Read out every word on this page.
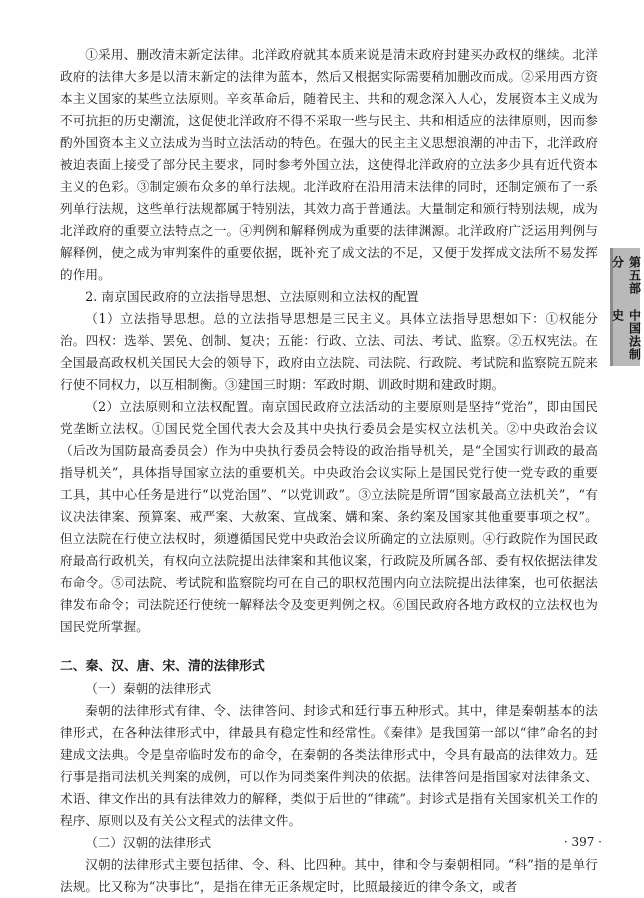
①采用、删改清末新定法律。北洋政府就其本质来说是清末政府封建买办政权的继续。北洋政府的法律大多是以清末新定的法律为蓝本，然后又根据实际需要稍加删改而成。②采用西方资本主义国家的某些立法原则。辛亥革命后，随着民主、共和的观念深入人心，发展资本主义成为不可抗拒的历史潮流，这促使北洋政府不得不采取一些与民主、共和相适应的法律原则，因而参酌外国资本主义立法成为当时立法活动的特色。在强大的民主主义思想浪潮的冲击下，北洋政府被迫表面上接受了部分民主要求，同时参考外国立法，这使得北洋政府的立法多少具有近代资本主义的色彩。③制定颁布众多的单行法规。北洋政府在沿用清末法律的同时，还制定颁布了一系列单行法规，这些单行法规都属于特别法，其效力高于普通法。大量制定和颁行特别法规，成为北洋政府的重要立法特点之一。④判例和解释例成为重要的法律渊源。北洋政府广泛运用判例与解释例，使之成为审判案件的重要依据，既补充了成文法的不足，又便于发挥成文法所不易发挥的作用。

2. 南京国民政府的立法指导思想、立法原则和立法权的配置

（1）立法指导思想。总的立法指导思想是三民主义。具体立法指导思想如下：①权能分治。四权：选举、罢免、创制、复决；五能：行政、立法、司法、考试、监察。②五权宪法。在全国最高政权机关国民大会的领导下，政府由立法院、司法院、行政院、考试院和监察院五院来行使不同权力，以互相制衡。③建国三时期：军政时期、训政时期和建政时期。

（2）立法原则和立法权配置。南京国民政府立法活动的主要原则是坚持“党治”，即由国民党垄断立法权。①国民党全国代表大会及其中央执行委员会是实权立法机关。②中央政治会议（后改为国防最高委员会）作为中央执行委员会特设的政治指导机关，是“全国实行训政的最高指导机关”，具体指导国家立法的重要机关。中央政治会议实际上是国民党行使一党专政的重要工具，其中心任务是进行“以党治国”、“以党训政”。③立法院是所谓“国家最高立法机关”，“有议决法律案、预算案、戒严案、大赦案、宣战案、媾和案、条约案及国家其他重要事项之权”。但立法院在行使立法权时，须遵循国民党中央政治会议所确定的立法原则。④行政院作为国民政府最高行政机关，有权向立法院提出法律案和其他议案，行政院及所属各部、委有权依据法律发布命令。⑤司法院、考试院和监察院均可在自己的职权范围内向立法院提出法律案，也可依据法律发布命令；司法院还行使统一解释法令及变更判例之权。⑥国民政府各地方政权的立法权也为国民党所掌握。

二、秦、汉、唐、宋、清的法律形式

（一）秦朝的法律形式

秦朝的法律形式有律、令、法律答问、封诊式和廷行事五种形式。其中，律是秦朝基本的法律形式，在各种法律形式中，律最具有稳定性和经常性。《秦律》是我国第一部以“律”命名的封建成文法典。令是皇帝临时发布的命令，在秦朝的各类法律形式中，令具有最高的法律效力。廷行事是指司法机关判案的成例，可以作为同类案件判决的依据。法律答问是指国家对法律条文、术语、律文作出的具有法律效力的解释，类似于后世的“律疏”。封诊式是指有关国家机关工作的程序、原则以及有关公文程式的法律文件。

（二）汉朝的法律形式

汉朝的法律形式主要包括律、令、科、比四种。其中，律和令与秦朝相同。“科”指的是单行法规。比又称为“决事比”，是指在律无正条规定时，比照最接近的律令条文，或者

第五部分
中国法制史
· 397 ·
